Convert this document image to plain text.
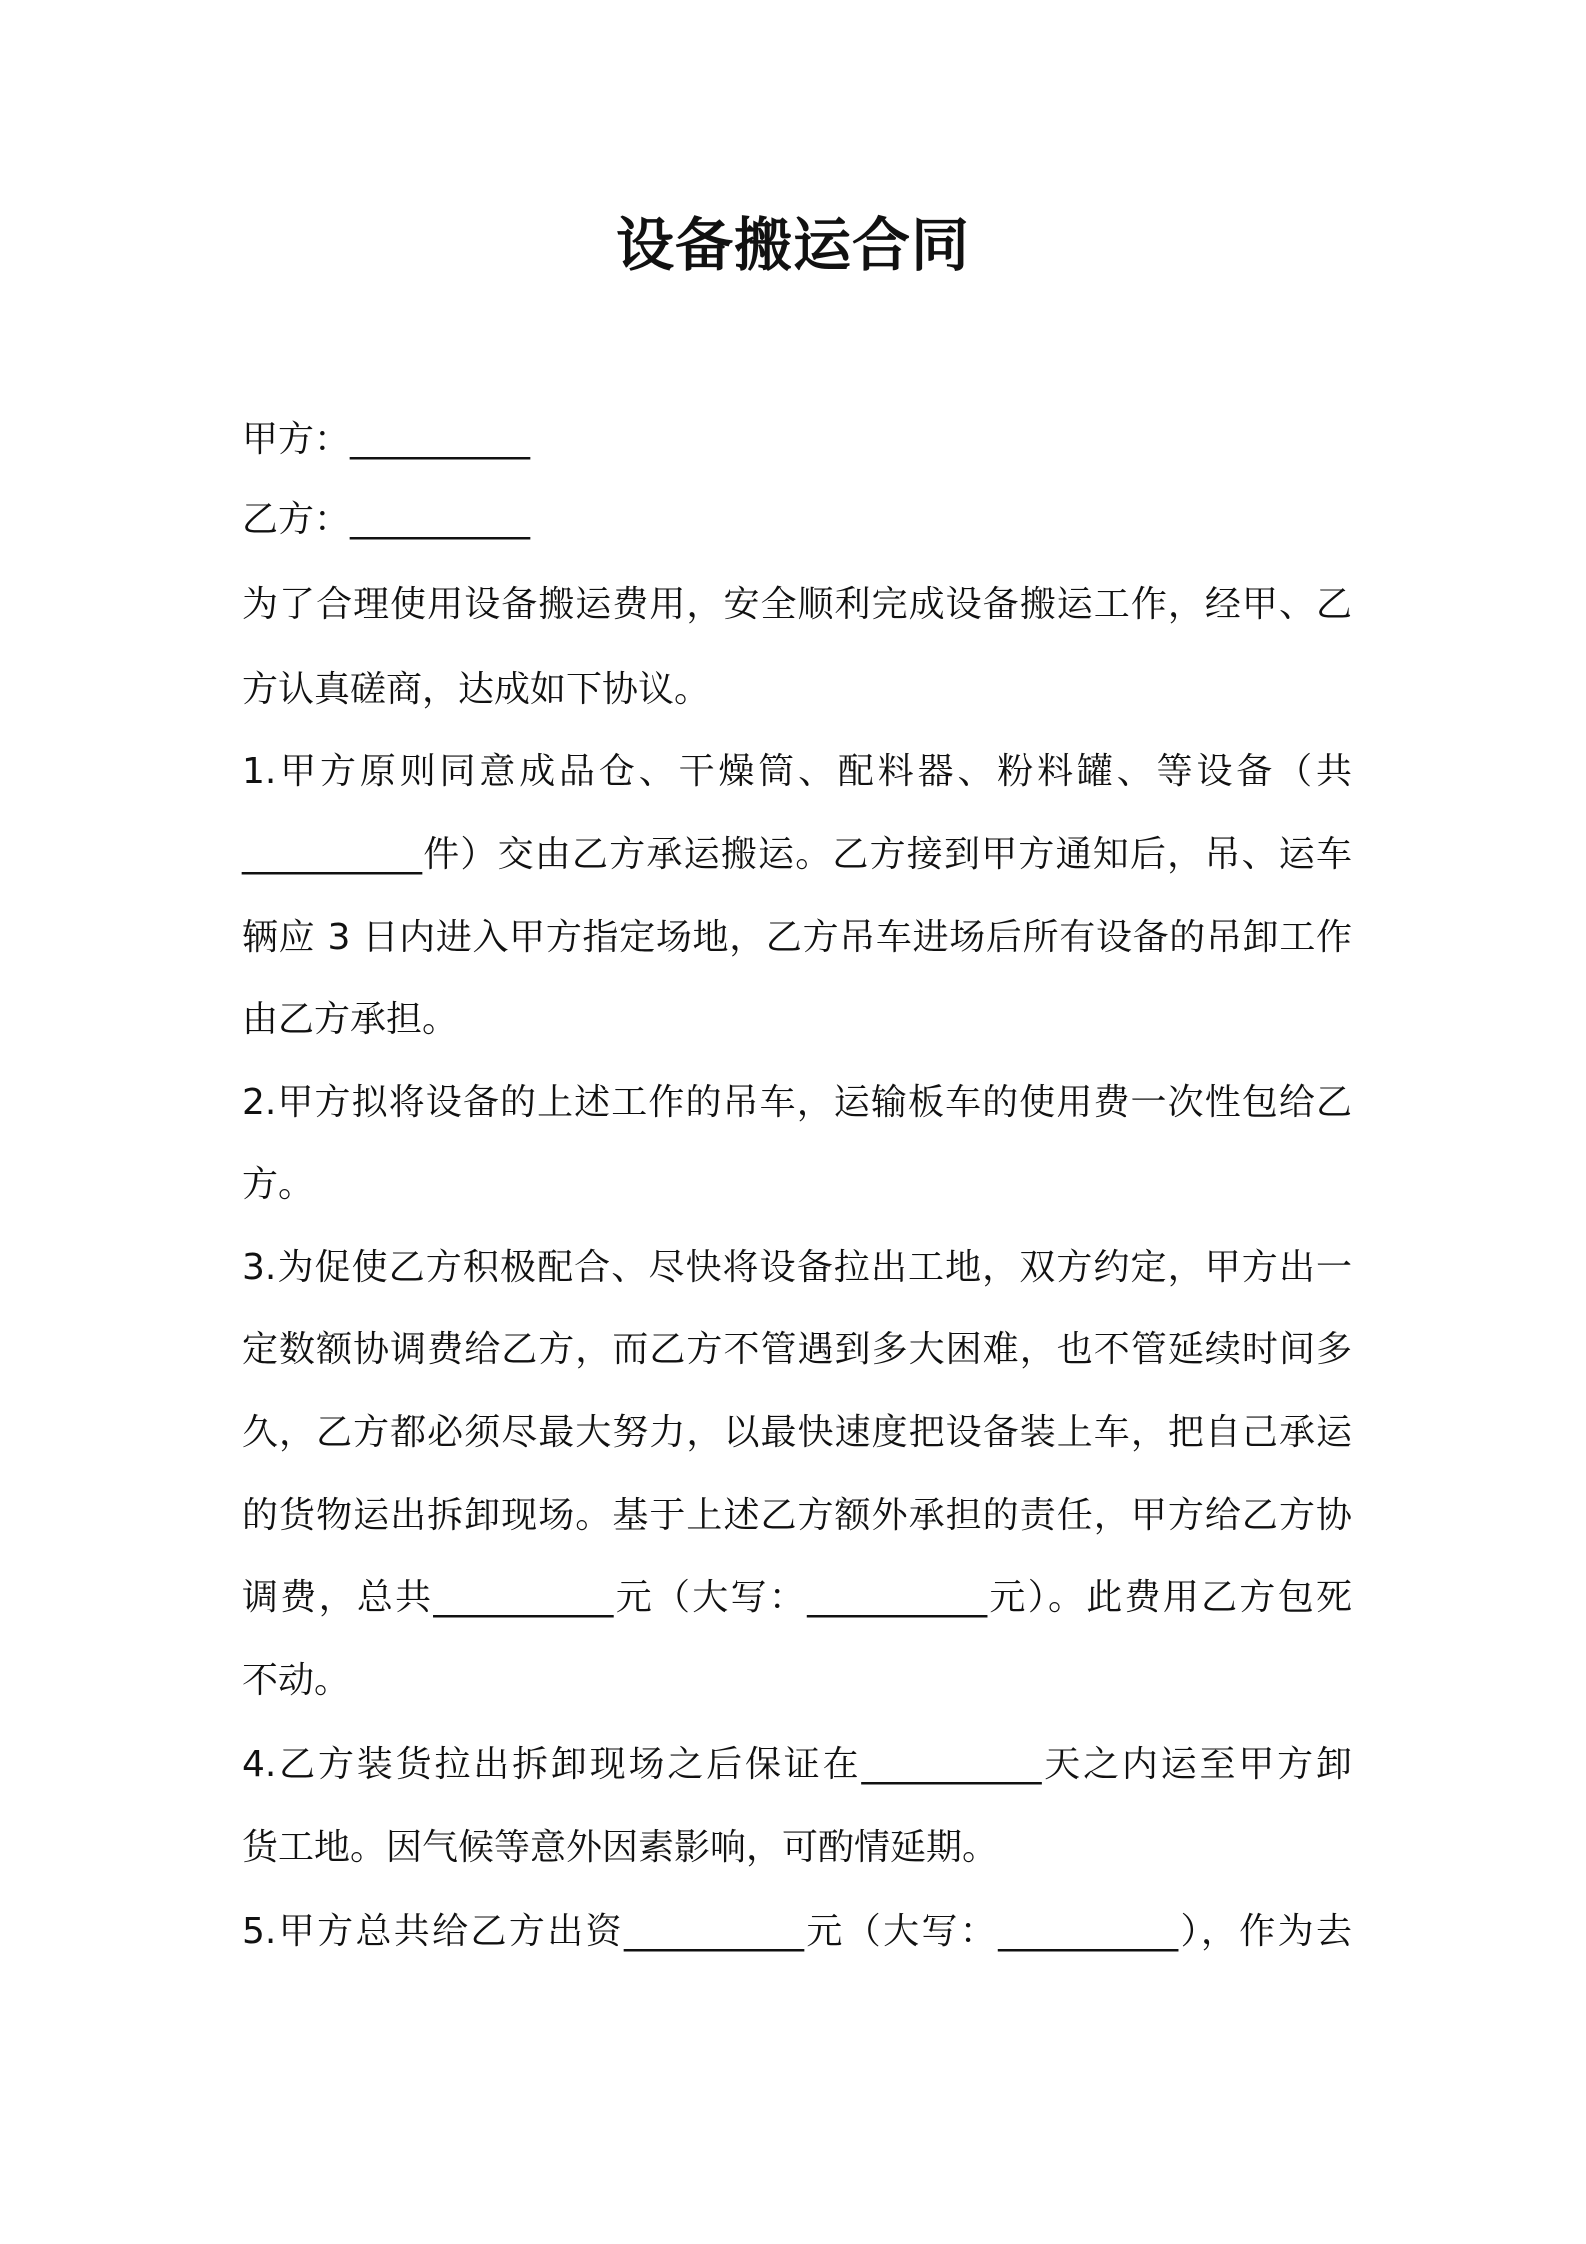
设备搬运合同
甲方：__________
乙方：__________
为了合理使用设备搬运费用，安全顺利完成设备搬运工作，经甲、乙
方认真磋商，达成如下协议。
1.甲方原则同意成品仓、干燥筒、配料器、粉料罐、等设备（共
__________件）交由乙方承运搬运。乙方接到甲方通知后，吊、运车
辆应 3 日内进入甲方指定场地，乙方吊车进场后所有设备的吊卸工作
由乙方承担。
2.甲方拟将设备的上述工作的吊车，运输板车的使用费一次性包给乙
方。
3.为促使乙方积极配合、尽快将设备拉出工地，双方约定，甲方出一
定数额协调费给乙方，而乙方不管遇到多大困难，也不管延续时间多
久，乙方都必须尽最大努力，以最快速度把设备装上车，把自己承运
的货物运出拆卸现场。基于上述乙方额外承担的责任，甲方给乙方协
调费，总共__________元（大写：__________元）。此费用乙方包死
不动。
4.乙方装货拉出拆卸现场之后保证在__________天之内运至甲方卸
货工地。因气候等意外因素影响，可酌情延期。
5.甲方总共给乙方出资__________元（大写：__________），作为去
